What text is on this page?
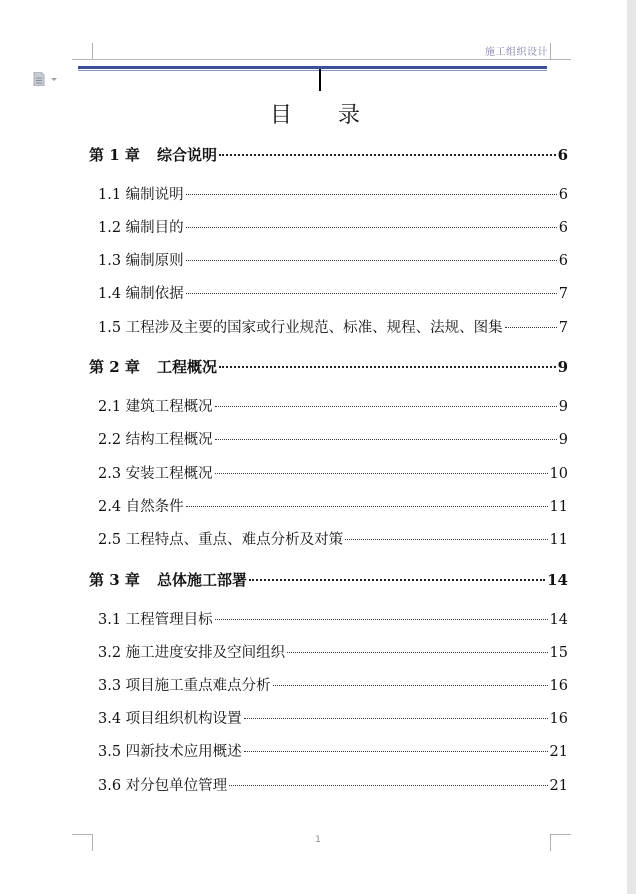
施工组织设计
目 录
第 1 章 综合说明	6
1.1 编制说明	6
1.2 编制目的	6
1.3 编制原则	6
1.4 编制依据	7
1.5 工程涉及主要的国家或行业规范、标准、规程、法规、图集	7
第 2 章 工程概况	9
2.1 建筑工程概况	9
2.2 结构工程概况	9
2.3 安装工程概况	10
2.4 自然条件	11
2.5 工程特点、重点、难点分析及对策	11
第 3 章 总体施工部署	14
3.1 工程管理目标	14
3.2 施工进度安排及空间组织	15
3.3 项目施工重点难点分析	16
3.4 项目组织机构设置	16
3.5 四新技术应用概述	21
3.6 对分包单位管理	21
1
